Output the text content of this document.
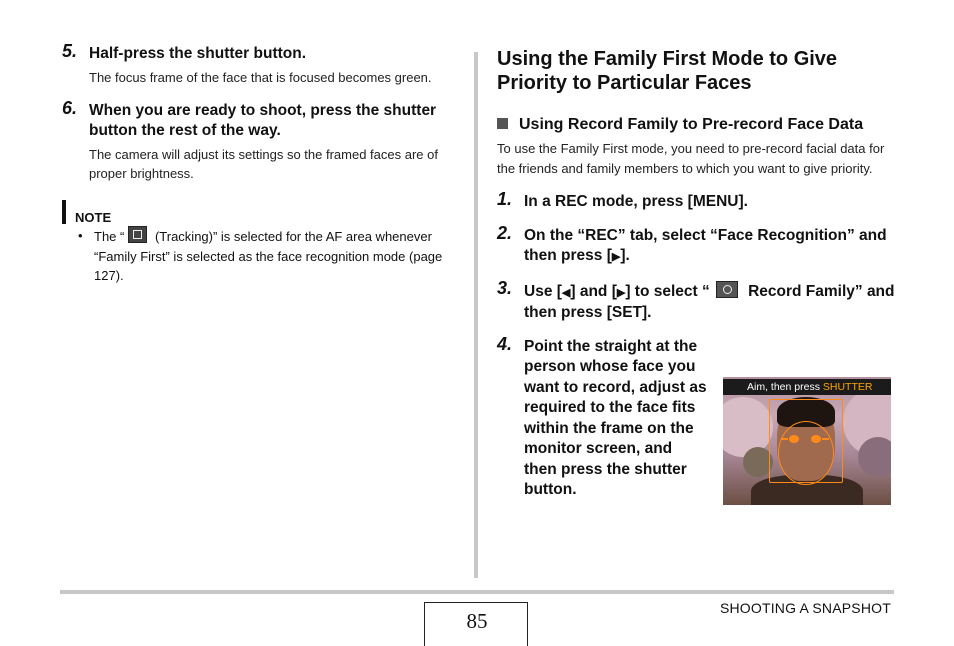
5. Half-press the shutter button.
The focus frame of the face that is focused becomes green.
6. When you are ready to shoot, press the shutter button the rest of the way.
The camera will adjust its settings so the framed faces are of proper brightness.
NOTE
• The “ (Tracking)” is selected for the AF area whenever “Family First” is selected as the face recognition mode (page 127).
Using the Family First Mode to Give Priority to Particular Faces
Using Record Family to Pre-record Face Data
To use the Family First mode, you need to pre-record facial data for the friends and family members to which you want to give priority.
1. In a REC mode, press [MENU].
2. On the “REC” tab, select “Face Recognition” and then press [▶].
3. Use [◀] and [▶] to select “ Record Family” and then press [SET].
4. Point the straight at the person whose face you want to record, adjust as required to the face fits within the frame on the monitor screen, and then press the shutter button.
Aim, then press SHUTTER
85
SHOOTING A SNAPSHOT
